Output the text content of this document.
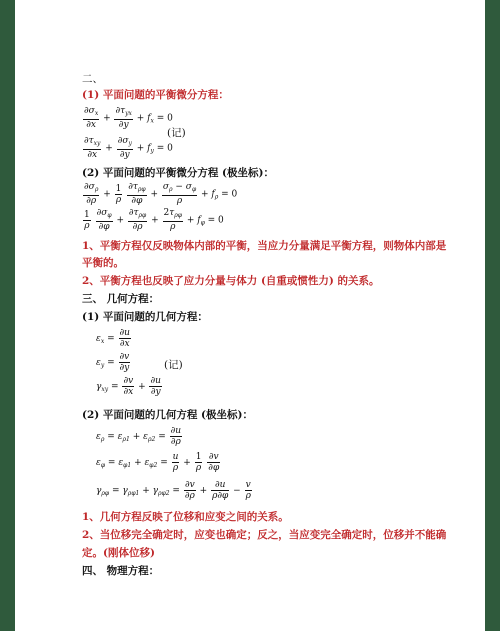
二、
(1) 平面问题的平衡微分方程：
$\frac{\partial\sigma_x}{\partial x} + \frac{\partial\tau_{yx}}{\partial y} + f_x = 0$
(记)
$\frac{\partial\tau_{xy}}{\partial x} + \frac{\partial\sigma_y}{\partial y} + f_y = 0$
(2) 平面问题的平衡微分方程 (极坐标)：
$\frac{\partial\sigma_\rho}{\partial\rho} + \frac{1}{\rho}$
$\frac{\partial\tau_{\rho\varphi}}{\partial\varphi} + \frac{\sigma_\rho - \sigma_\varphi}{\rho} + f_\rho = 0$
$\frac{1}{\rho}$
$\frac{\partial\sigma_\varphi}{\partial\varphi} + \frac{\partial\tau_{\rho\varphi}}{\partial\rho} + \frac{2\tau_{\rho\varphi}}{\rho} + f_\varphi = 0$
1、平衡方程仅反映物体内部的平衡，当应力分量满足平衡方程，则物体内部是
平衡的。
2、平衡方程也反映了应力分量与体力 (自重或惯性力) 的关系。
三、 几何方程：
(1) 平面问题的几何方程：
$\varepsilon_x = \frac{\partial u}{\partial x}$
$\varepsilon_y = \frac{\partial v}{\partial y}$	(记)
$\gamma_{xy} = \frac{\partial v}{\partial x} + \frac{\partial u}{\partial y}$
(2) 平面问题的几何方程 (极坐标)：
$\varepsilon_\rho = \varepsilon_{\rho 1} + \varepsilon_{\rho 2} = \frac{\partial u}{\partial\rho}$
$\varepsilon_\varphi = \varepsilon_{\varphi 1} + \varepsilon_{\varphi 2} = \frac{u}{\rho} + \frac{1}{\rho}$
$\frac{\partial v}{\partial\varphi}$
$\gamma_{\rho\varphi} = \gamma_{\rho\varphi 1} + \gamma_{\rho\varphi 2} = \frac{\partial v}{\partial\rho} + \frac{\partial u}{\rho\partial\varphi} - \frac{v}{\rho}$
1、几何方程反映了位移和应变之间的关系。
2、当位移完全确定时，应变也确定；反之，当应变完全确定时，位移并不能确
定。(刚体位移)
四、 物理方程：
